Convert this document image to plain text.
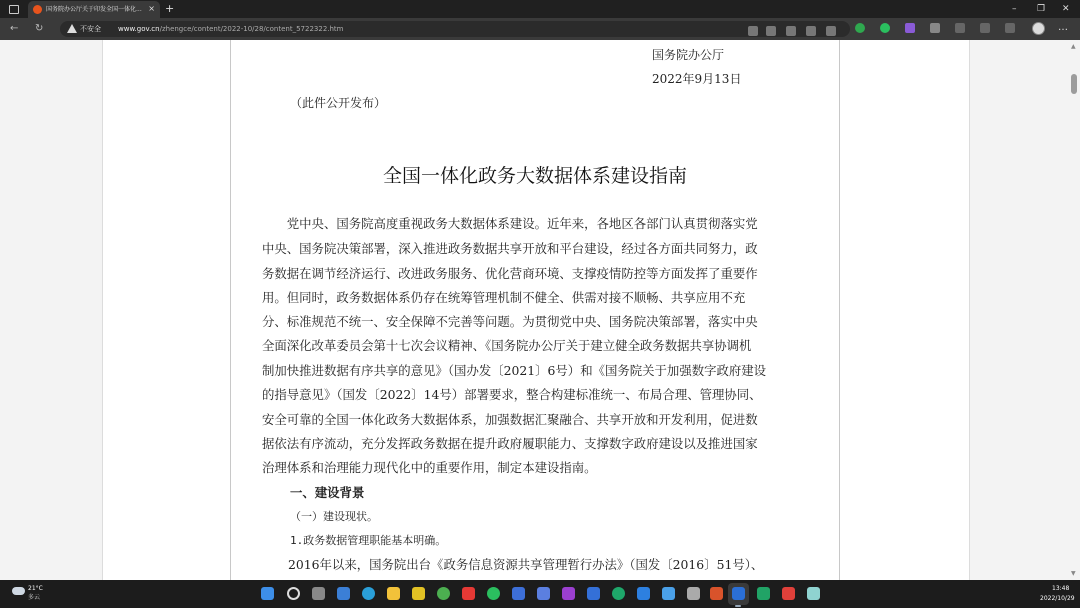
国务院办公厅关于印发全国一体化... × +	– ❐ ✕
← ↻	不安全 www.gov.cn/zhengce/content/2022-10/28/content_5722322.htm	…
国务院办公厅
2022年9月13日
（此件公开发布）
全国一体化政务大数据体系建设指南
　　党中央、国务院高度重视政务大数据体系建设。近年来，各地区各部门认真贯彻落实党
中央、国务院决策部署，深入推进政务数据共享开放和平台建设，经过各方面共同努力，政
务数据在调节经济运行、改进政务服务、优化营商环境、支撑疫情防控等方面发挥了重要作
用。但同时，政务数据体系仍存在统筹管理机制不健全、供需对接不顺畅、共享应用不充
分、标准规范不统一、安全保障不完善等问题。为贯彻党中央、国务院决策部署，落实中央
全面深化改革委员会第十七次会议精神、《国务院办公厅关于建立健全政务数据共享协调机
制加快推进数据有序共享的意见》（国办发〔2021〕6号）和《国务院关于加强数字政府建设
的指导意见》（国发〔2022〕14号）部署要求，整合构建标准统一、布局合理、管理协同、
安全可靠的全国一体化政务大数据体系，加强数据汇聚融合、共享开放和开发利用，促进数
据依法有序流动，充分发挥政务数据在提升政府履职能力、支撑数字政府建设以及推进国家
治理体系和治理能力现代化中的重要作用，制定本建设指南。
一、建设背景
（一）建设现状。
1.政务数据管理职能基本明确。
2016年以来，国务院出台《政务信息资源共享管理暂行办法》（国发〔2016〕51号）、
▲
▼
21°C
多云
13:48
2022/10/29
